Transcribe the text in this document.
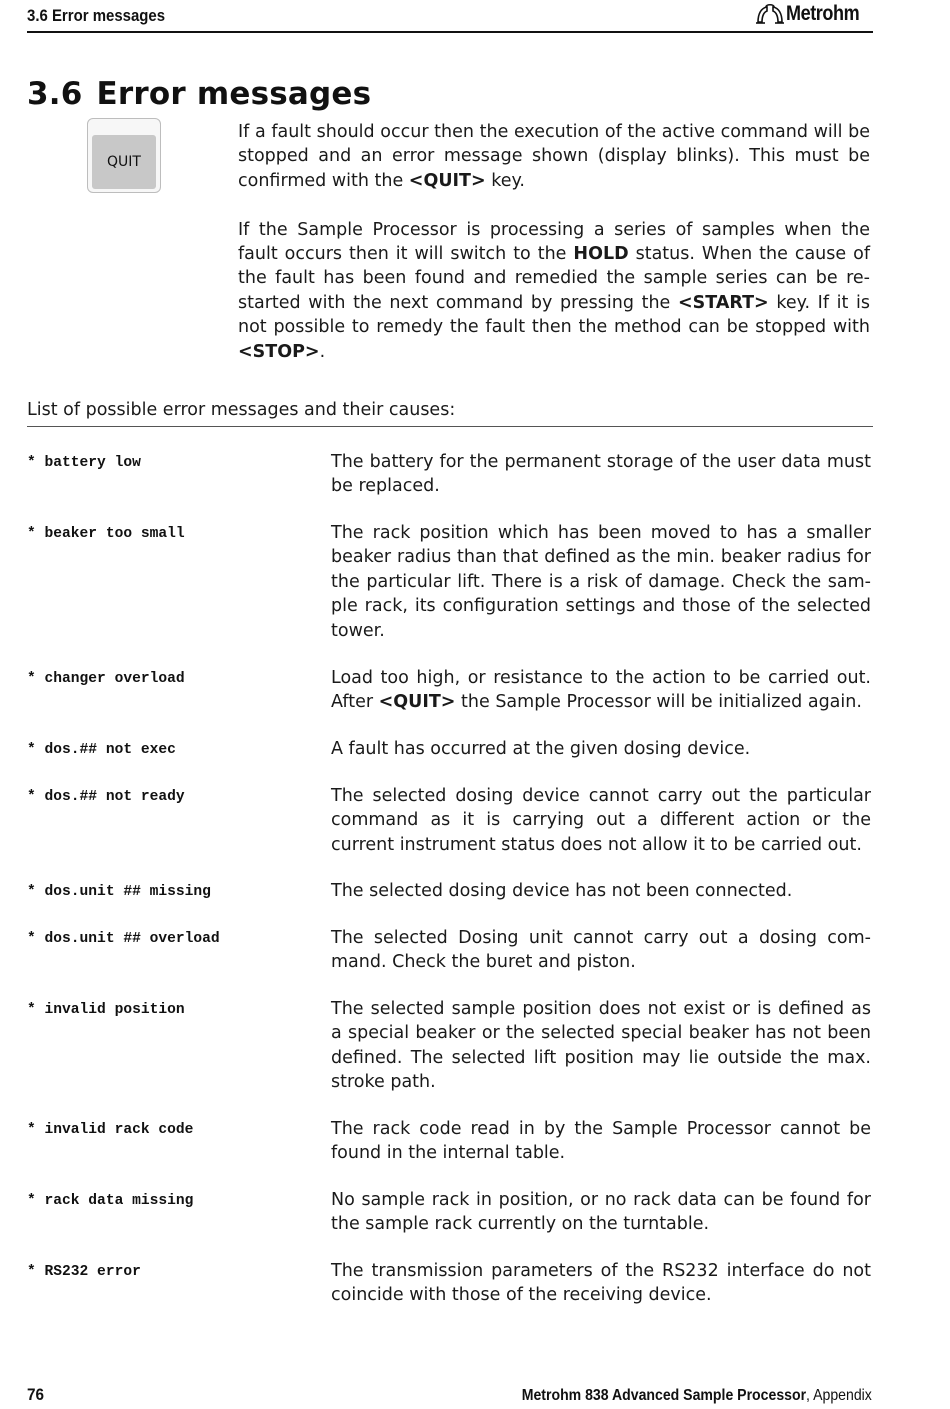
3.6 Error messages	Metrohm
3.6 Error messages
QUIT

If a fault should occur then the execution of the active command will be stopped and an error message shown (display blinks). This must be confirmed with the <QUIT> key.

If the Sample Processor is processing a series of samples when the fault occurs then it will switch to the HOLD status. When the cause of the fault has been found and remedied the sample series can be re-started with the next command by pressing the <START> key. If it is not possible to remedy the fault then the method can be stopped with <STOP>.

List of possible error messages and their causes:
* battery low	The battery for the permanent storage of the user data must be replaced.
* beaker too small	The rack position which has been moved to has a smaller beaker radius than that defined as the min. beaker radius for the particular lift. There is a risk of damage. Check the sam-ple rack, its configuration settings and those of the selected tower.
* changer overload	Load too high, or resistance to the action to be carried out. After <QUIT> the Sample Processor will be initialized again.
* dos.## not exec	A fault has occurred at the given dosing device.
* dos.## not ready	The selected dosing device cannot carry out the particular command as it is carrying out a different action or the current instrument status does not allow it to be carried out.
* dos.unit ## missing	The selected dosing device has not been connected.
* dos.unit ## overload	The selected Dosing unit cannot carry out a dosing com-mand. Check the buret and piston.
* invalid position	The selected sample position does not exist or is defined as a special beaker or the selected special beaker has not been defined. The selected lift position may lie outside the max. stroke path.
* invalid rack code	The rack code read in by the Sample Processor cannot be found in the internal table.
* rack data missing	No sample rack in position, or no rack data can be found for the sample rack currently on the turntable.
* RS232 error	The transmission parameters of the RS232 interface do not coincide with those of the receiving device.
76	Metrohm 838 Advanced Sample Processor, Appendix
